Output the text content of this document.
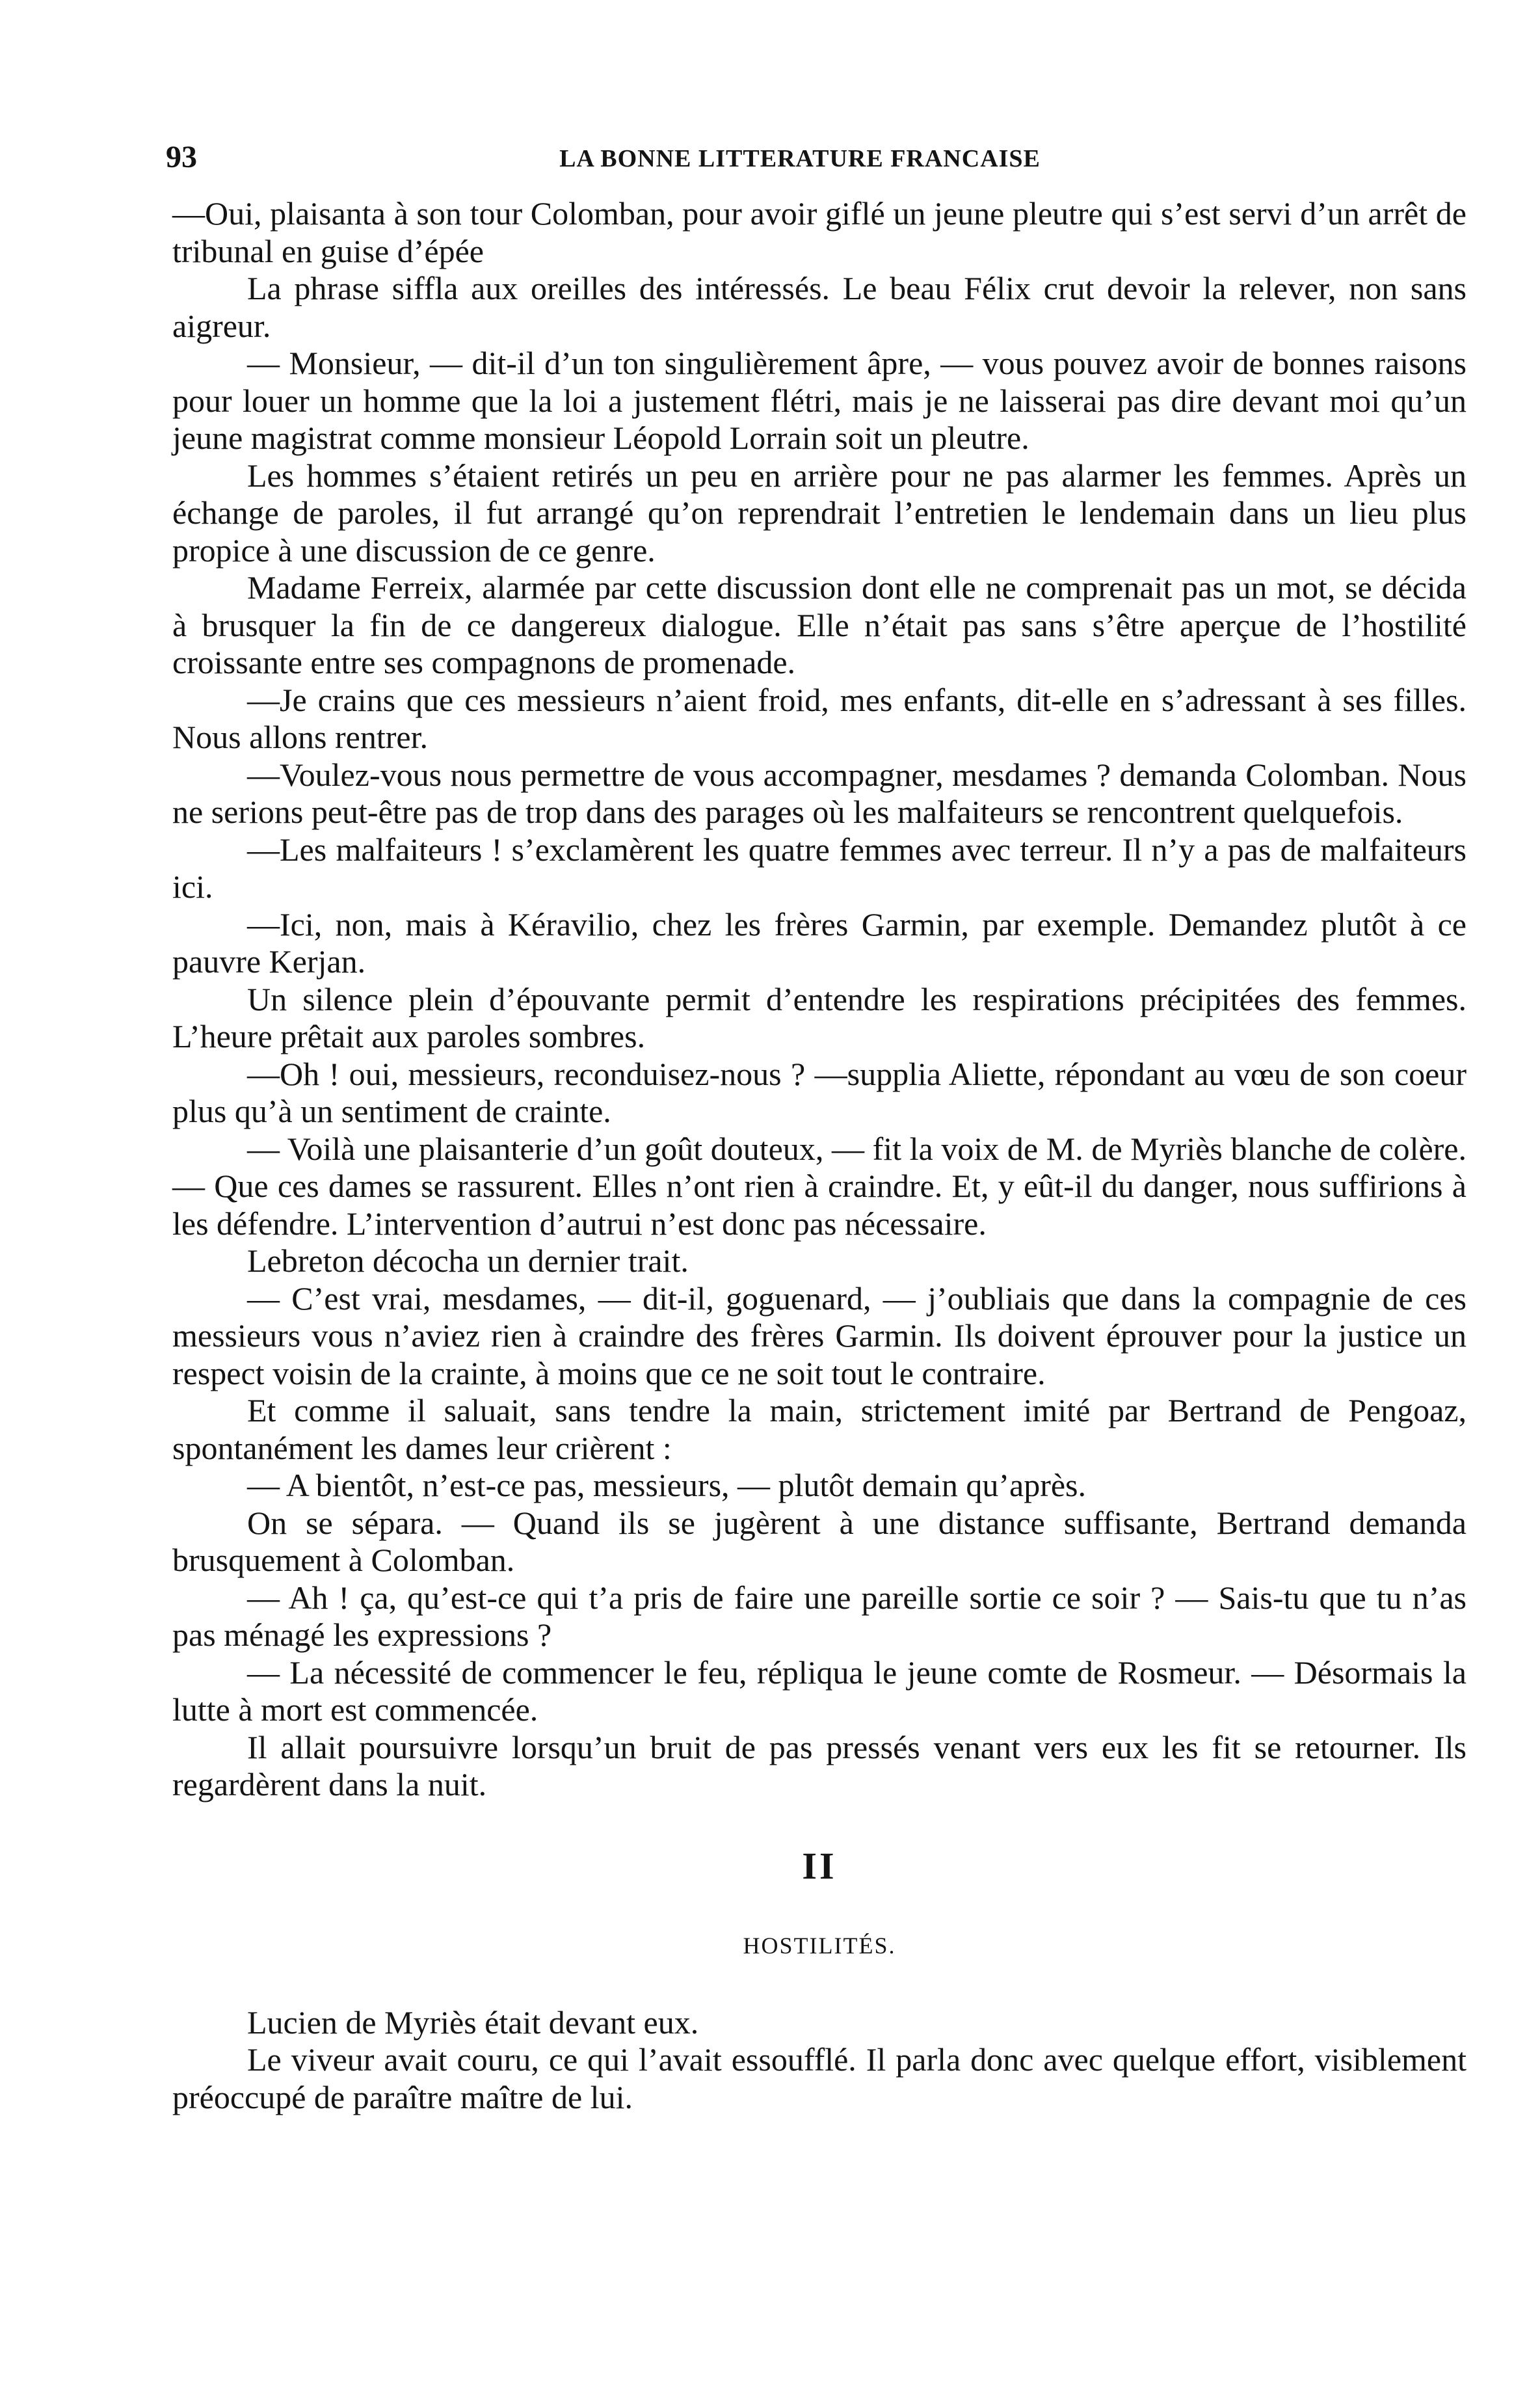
93	LA BONNE LITTERATURE FRANCAISE

—Oui, plaisanta à son tour Colomban, pour avoir giflé un jeune pleutre qui s’est servi d’un arrêt de tribunal en guise d’épée

La phrase siffla aux oreilles des intéressés. Le beau Félix crut devoir la relever, non sans aigreur.

— Monsieur, — dit-il d’un ton singulièrement âpre, — vous pouvez avoir de bonnes raisons pour louer un homme que la loi a justement flétri, mais je ne laisserai pas dire devant moi qu’un jeune magistrat comme monsieur Léopold Lorrain soit un pleutre.

Les hommes s’étaient retirés un peu en arrière pour ne pas alarmer les femmes. Après un échange de paroles, il fut arrangé qu’on reprendrait l’entretien le lendemain dans un lieu plus propice à une discussion de ce genre.

Madame Ferreix, alarmée par cette discussion dont elle ne comprenait pas un mot, se décida à brusquer la fin de ce dangereux dialogue. Elle n’était pas sans s’être aperçue de l’hostilité croissante entre ses compagnons de promenade.

—Je crains que ces messieurs n’aient froid, mes enfants, dit-elle en s’adressant à ses filles. Nous allons rentrer.

—Voulez-vous nous permettre de vous accompagner, mesdames ? demanda Colomban. Nous ne serions peut-être pas de trop dans des parages où les malfaiteurs se rencontrent quelquefois.

—Les malfaiteurs ! s’exclamèrent les quatre femmes avec terreur. Il n’y a pas de malfaiteurs ici.

—Ici, non, mais à Kéravilio, chez les frères Garmin, par exemple. Demandez plutôt à ce pauvre Kerjan.

Un silence plein d’épouvante permit d’entendre les respirations précipitées des femmes. L’heure prêtait aux paroles sombres.

—Oh ! oui, messieurs, reconduisez-nous ? —supplia Aliette, répondant au vœu de son coeur plus qu’à un sentiment de crainte.

— Voilà une plaisanterie d’un goût douteux, — fit la voix de M. de Myriès blanche de colère. — Que ces dames se rassurent. Elles n’ont rien à craindre. Et, y eût-il du danger, nous suffirions à les défendre. L’intervention d’autrui n’est donc pas nécessaire.

Lebreton décocha un dernier trait.

— C’est vrai, mesdames, — dit-il, goguenard, — j’oubliais que dans la compagnie de ces messieurs vous n’aviez rien à craindre des frères Garmin. Ils doivent éprouver pour la justice un respect voisin de la crainte, à moins que ce ne soit tout le contraire.

Et comme il saluait, sans tendre la main, strictement imité par Bertrand de Pengoaz, spontanément les dames leur crièrent :

— A bientôt, n’est-ce pas, messieurs, — plutôt demain qu’après.

On se sépara. — Quand ils se jugèrent à une distance suffisante, Bertrand demanda brusquement à Colomban.

— Ah ! ça, qu’est-ce qui t’a pris de faire une pareille sortie ce soir ? — Sais-tu que tu n’as pas ménagé les expressions ?

— La nécessité de commencer le feu, répliqua le jeune comte de Rosmeur. — Désormais la lutte à mort est commencée.

Il allait poursuivre lorsqu’un bruit de pas pressés venant vers eux les fit se retourner. Ils regardèrent dans la nuit.

II
HOSTILITÉS.

Lucien de Myriès était devant eux.

Le viveur avait couru, ce qui l’avait essoufflé. Il parla donc avec quelque effort, visiblement préoccupé de paraître maître de lui.
